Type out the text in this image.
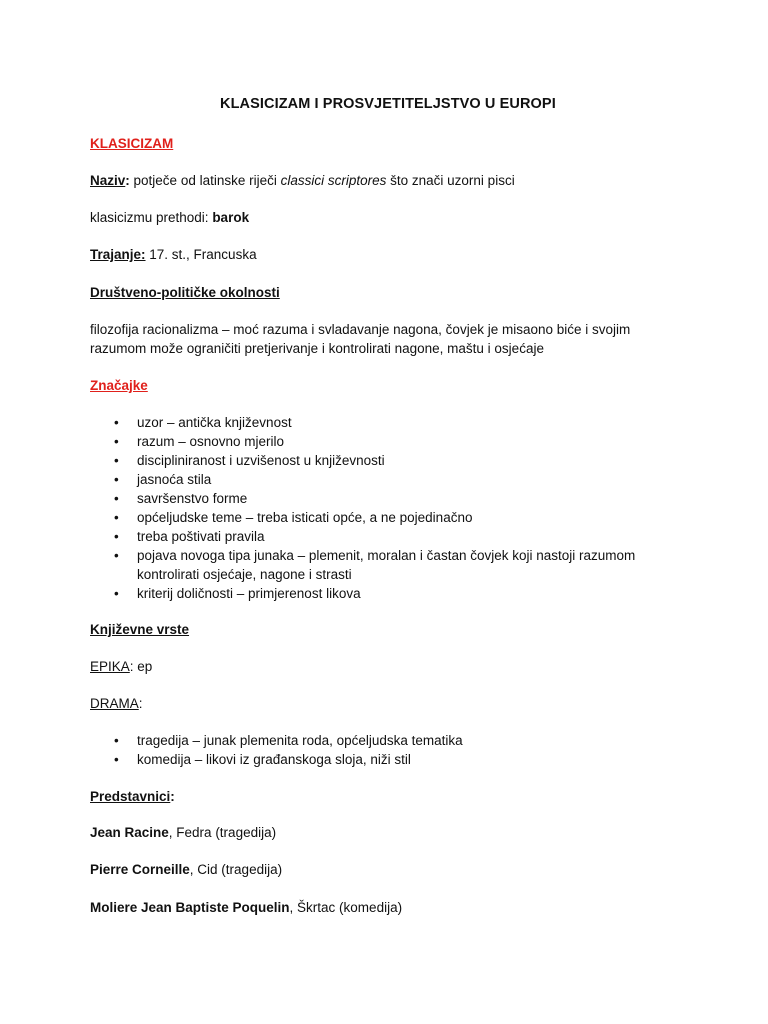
KLASICIZAM I PROSVJETITELJSTVO U EUROPI
KLASICIZAM
Naziv: potječe od latinske riječi classici scriptores što znači uzorni pisci
klasicizmu prethodi: barok
Trajanje: 17. st., Francuska
Društveno-političke okolnosti
filozofija racionalizma – moć razuma i svladavanje nagona, čovjek je misaono biće i svojim
razumom može ograničiti pretjerivanje i kontrolirati nagone, maštu i osjećaje
Značajke
• uzor – antička književnost
• razum – osnovno mjerilo
• discipliniranost i uzvišenost u književnosti
• jasnoća stila
• savršenstvo forme
• općeljudske teme – treba isticati opće, a ne pojedinačno
• treba poštivati pravila
• pojava novoga tipa junaka – plemenit, moralan i častan čovjek koji nastoji razumom
kontrolirati osjećaje, nagone i strasti
• kriterij doličnosti – primjerenost likova
Književne vrste
EPIKA: ep
DRAMA:
• tragedija – junak plemenita roda, općeljudska tematika
• komedija – likovi iz građanskoga sloja, niži stil
Predstavnici:
Jean Racine, Fedra (tragedija)
Pierre Corneille, Cid (tragedija)
Moliere Jean Baptiste Poquelin, Škrtac (komedija)
